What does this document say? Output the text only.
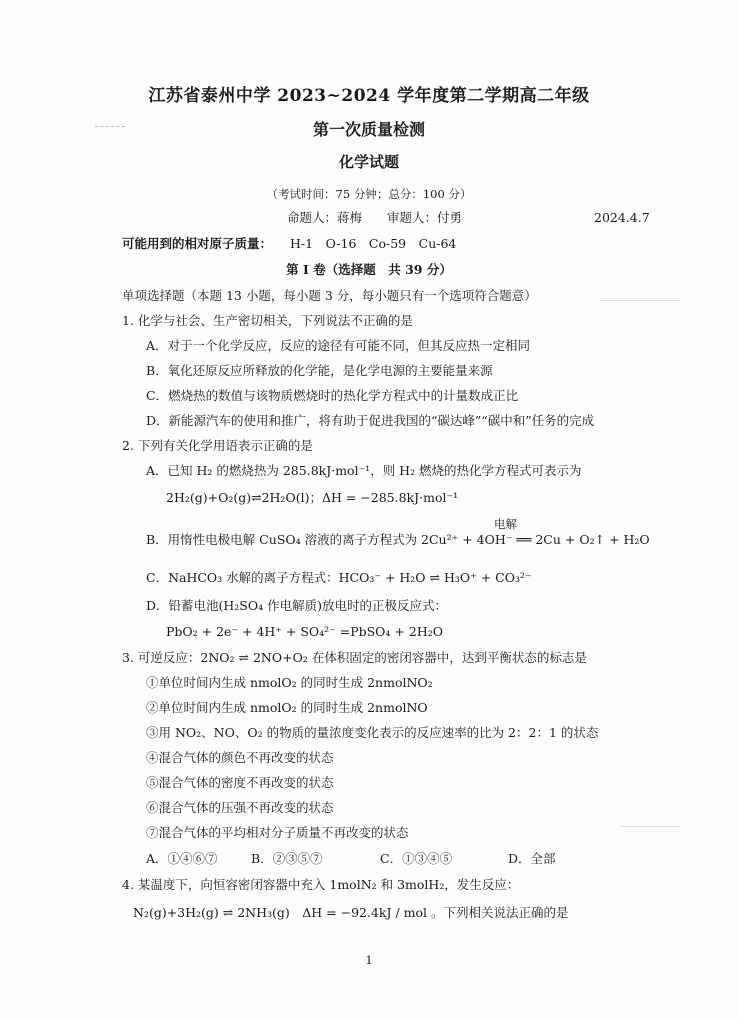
江苏省泰州中学 2023~2024 学年度第二学期高二年级
第一次质量检测
化学试题
（考试时间：75 分钟；总分：100 分）
命题人：蒋梅　　审题人：付勇	2024.4.7
可能用到的相对原子质量： H-1　O-16　Co-59　Cu-64
第 I 卷（选择题　共 39 分）
单项选择题（本题 13 小题，每小题 3 分，每小题只有一个选项符合题意）
1. 化学与社会、生产密切相关，下列说法不正确的是
A．对于一个化学反应，反应的途径有可能不同，但其反应热一定相同
B．氧化还原反应所释放的化学能，是化学电源的主要能量来源
C．燃烧热的数值与该物质燃烧时的热化学方程式中的计量数成正比
D．新能源汽车的使用和推广，将有助于促进我国的“碳达峰”“碳中和”任务的完成
2. 下列有关化学用语表示正确的是
A．已知 H₂ 的燃烧热为 285.8kJ·mol⁻¹，则 H₂ 燃烧的热化学方程式可表示为
2H₂(g)+O₂(g)⇌2H₂O(l)；ΔH = −285.8kJ·mol⁻¹
电解
B．用惰性电极电解 CuSO₄ 溶液的离子方程式为 2Cu²⁺ + 4OH⁻ ══ 2Cu + O₂↑ + H₂O
C．NaHCO₃ 水解的离子方程式：HCO₃⁻ + H₂O ⇌ H₃O⁺ + CO₃²⁻
D．铅蓄电池(H₂SO₄ 作电解质)放电时的正极反应式：
PbO₂ + 2e⁻ + 4H⁺ + SO₄²⁻ =PbSO₄ + 2H₂O
3. 可逆反应：2NO₂ ⇌ 2NO+O₂ 在体积固定的密闭容器中，达到平衡状态的标志是
①单位时间内生成 nmolO₂ 的同时生成 2nmolNO₂
②单位时间内生成 nmolO₂ 的同时生成 2nmolNO
③用 NO₂、NO、O₂ 的物质的量浓度变化表示的反应速率的比为 2：2：1 的状态
④混合气体的颜色不再改变的状态
⑤混合气体的密度不再改变的状态
⑥混合气体的压强不再改变的状态
⑦混合气体的平均相对分子质量不再改变的状态
A．①④⑥⑦	B．②③⑤⑦	C．①③④⑤	D．全部
4. 某温度下，向恒容密闭容器中充入 1molN₂ 和 3molH₂，发生反应：
N₂(g)+3H₂(g) ⇌ 2NH₃(g)　ΔH = −92.4kJ / mol 。下列相关说法正确的是
1
